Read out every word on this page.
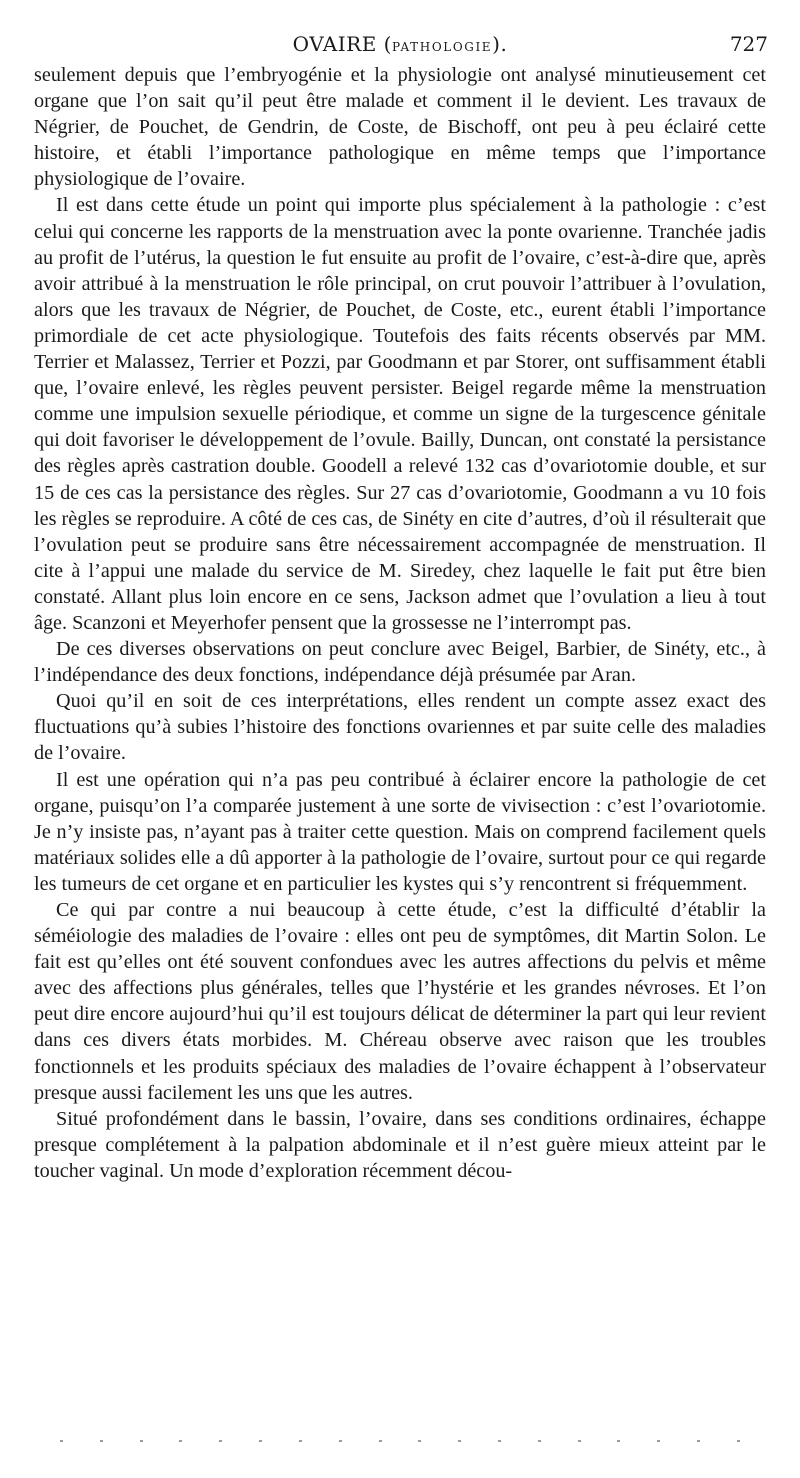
OVAIRE (PATHOLOGIE).	727

seulement depuis que l’embryogénie et la physiologie ont analysé minutieusement cet organe que l’on sait qu’il peut être malade et comment il le devient. Les travaux de Négrier, de Pouchet, de Gendrin, de Coste, de Bischoff, ont peu à peu éclairé cette histoire, et établi l’importance pathologique en même temps que l’importance physiologique de l’ovaire.

Il est dans cette étude un point qui importe plus spécialement à la pathologie : c’est celui qui concerne les rapports de la menstruation avec la ponte ovarienne. Tranchée jadis au profit de l’utérus, la question le fut ensuite au profit de l’ovaire, c’est-à-dire que, après avoir attribué à la menstruation le rôle principal, on crut pouvoir l’attribuer à l’ovulation, alors que les travaux de Négrier, de Pouchet, de Coste, etc., eurent établi l’importance primordiale de cet acte physiologique. Toutefois des faits récents observés par MM. Terrier et Malassez, Terrier et Pozzi, par Goodmann et par Storer, ont suffisamment établi que, l’ovaire enlevé, les règles peuvent persister. Beigel regarde même la menstruation comme une impulsion sexuelle périodique, et comme un signe de la turgescence génitale qui doit favoriser le développement de l’ovule. Bailly, Duncan, ont constaté la persistance des règles après castration double. Goodell a relevé 132 cas d’ovariotomie double, et sur 15 de ces cas la persistance des règles. Sur 27 cas d’ovariotomie, Goodmann a vu 10 fois les règles se reproduire. A côté de ces cas, de Sinéty en cite d’autres, d’où il résulterait que l’ovulation peut se produire sans être nécessairement accompagnée de menstruation. Il cite à l’appui une malade du service de M. Siredey, chez laquelle le fait put être bien constaté. Allant plus loin encore en ce sens, Jackson admet que l’ovulation a lieu à tout âge. Scanzoni et Meyerhofer pensent que la grossesse ne l’interrompt pas.

De ces diverses observations on peut conclure avec Beigel, Barbier, de Sinéty, etc., à l’indépendance des deux fonctions, indépendance déjà présumée par Aran.

Quoi qu’il en soit de ces interprétations, elles rendent un compte assez exact des fluctuations qu’à subies l’histoire des fonctions ovariennes et par suite celle des maladies de l’ovaire.

Il est une opération qui n’a pas peu contribué à éclairer encore la pathologie de cet organe, puisqu’on l’a comparée justement à une sorte de vivisection : c’est l’ovariotomie. Je n’y insiste pas, n’ayant pas à traiter cette question. Mais on comprend facilement quels matériaux solides elle a dû apporter à la pathologie de l’ovaire, surtout pour ce qui regarde les tumeurs de cet organe et en particulier les kystes qui s’y rencontrent si fréquemment.

Ce qui par contre a nui beaucoup à cette étude, c’est la difficulté d’établir la séméiologie des maladies de l’ovaire : elles ont peu de symptômes, dit Martin Solon. Le fait est qu’elles ont été souvent confondues avec les autres affections du pelvis et même avec des affections plus générales, telles que l’hystérie et les grandes névroses. Et l’on peut dire encore aujourd’hui qu’il est toujours délicat de déterminer la part qui leur revient dans ces divers états morbides. M. Chéreau observe avec raison que les troubles fonctionnels et les produits spéciaux des maladies de l’ovaire échappent à l’observateur presque aussi facilement les uns que les autres.

Situé profondément dans le bassin, l’ovaire, dans ses conditions ordinaires, échappe presque complétement à la palpation abdominale et il n’est guère mieux atteint par le toucher vaginal. Un mode d’exploration récemment décou-
